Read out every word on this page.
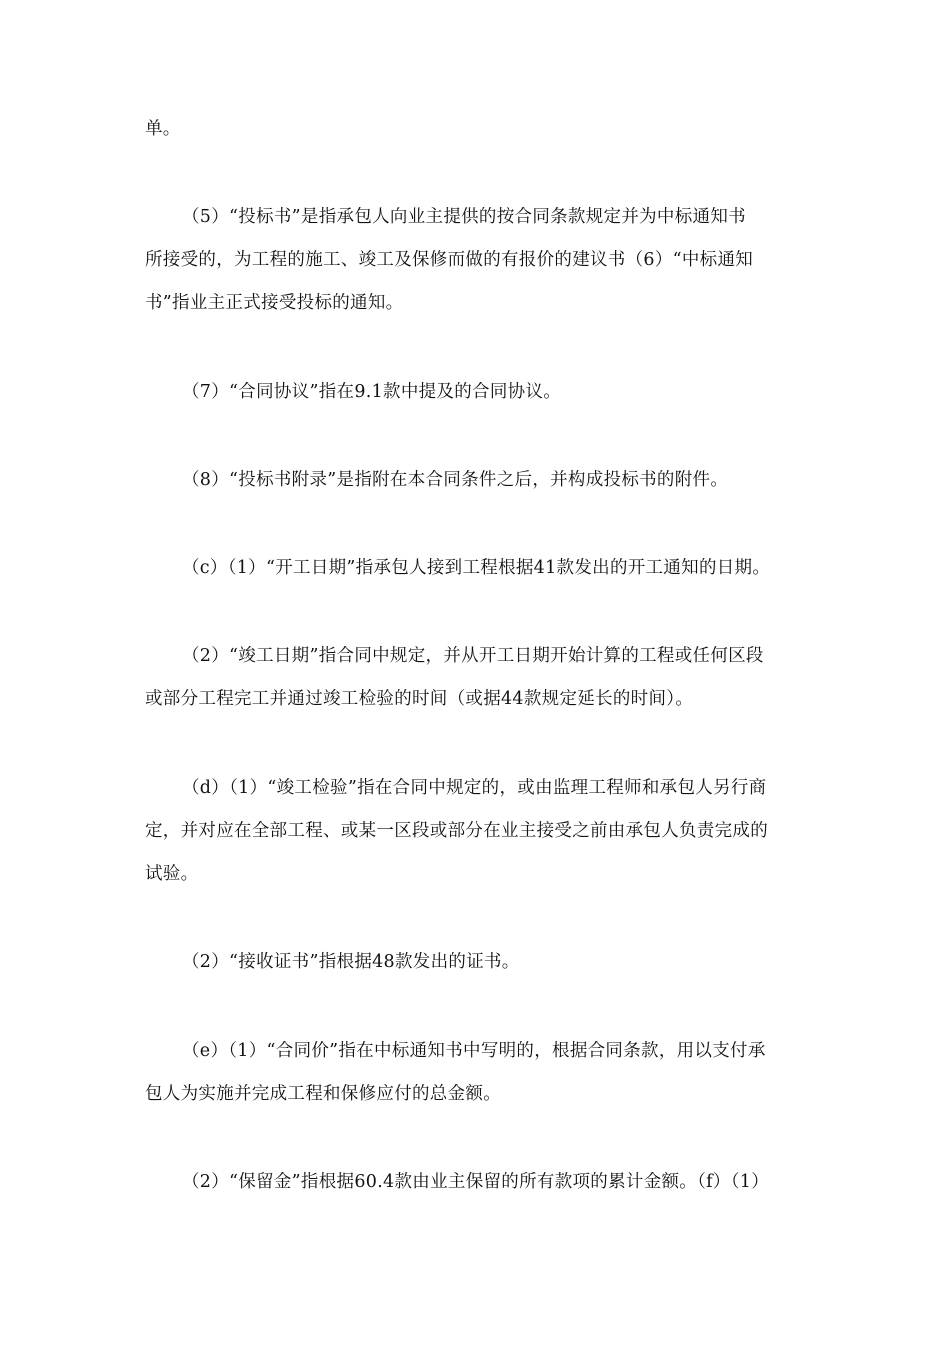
单。
（5）“投标书”是指承包人向业主提供的按合同条款规定并为中标通知书
所接受的，为工程的施工、竣工及保修而做的有报价的建议书（6）“中标通知
书”指业主正式接受投标的通知。
（7）“合同协议”指在9.1款中提及的合同协议。
（8）“投标书附录”是指附在本合同条件之后，并构成投标书的附件。
（c）（1）“开工日期”指承包人接到工程根据41款发出的开工通知的日期。
（2）“竣工日期”指合同中规定，并从开工日期开始计算的工程或任何区段
或部分工程完工并通过竣工检验的时间（或据44款规定延长的时间）。
（d）（1）“竣工检验”指在合同中规定的，或由监理工程师和承包人另行商
定，并对应在全部工程、或某一区段或部分在业主接受之前由承包人负责完成的
试验。
（2）“接收证书”指根据48款发出的证书。
（e）（1）“合同价”指在中标通知书中写明的，根据合同条款，用以支付承
包人为实施并完成工程和保修应付的总金额。
（2）“保留金”指根据60.4款由业主保留的所有款项的累计金额。（f）（1）
